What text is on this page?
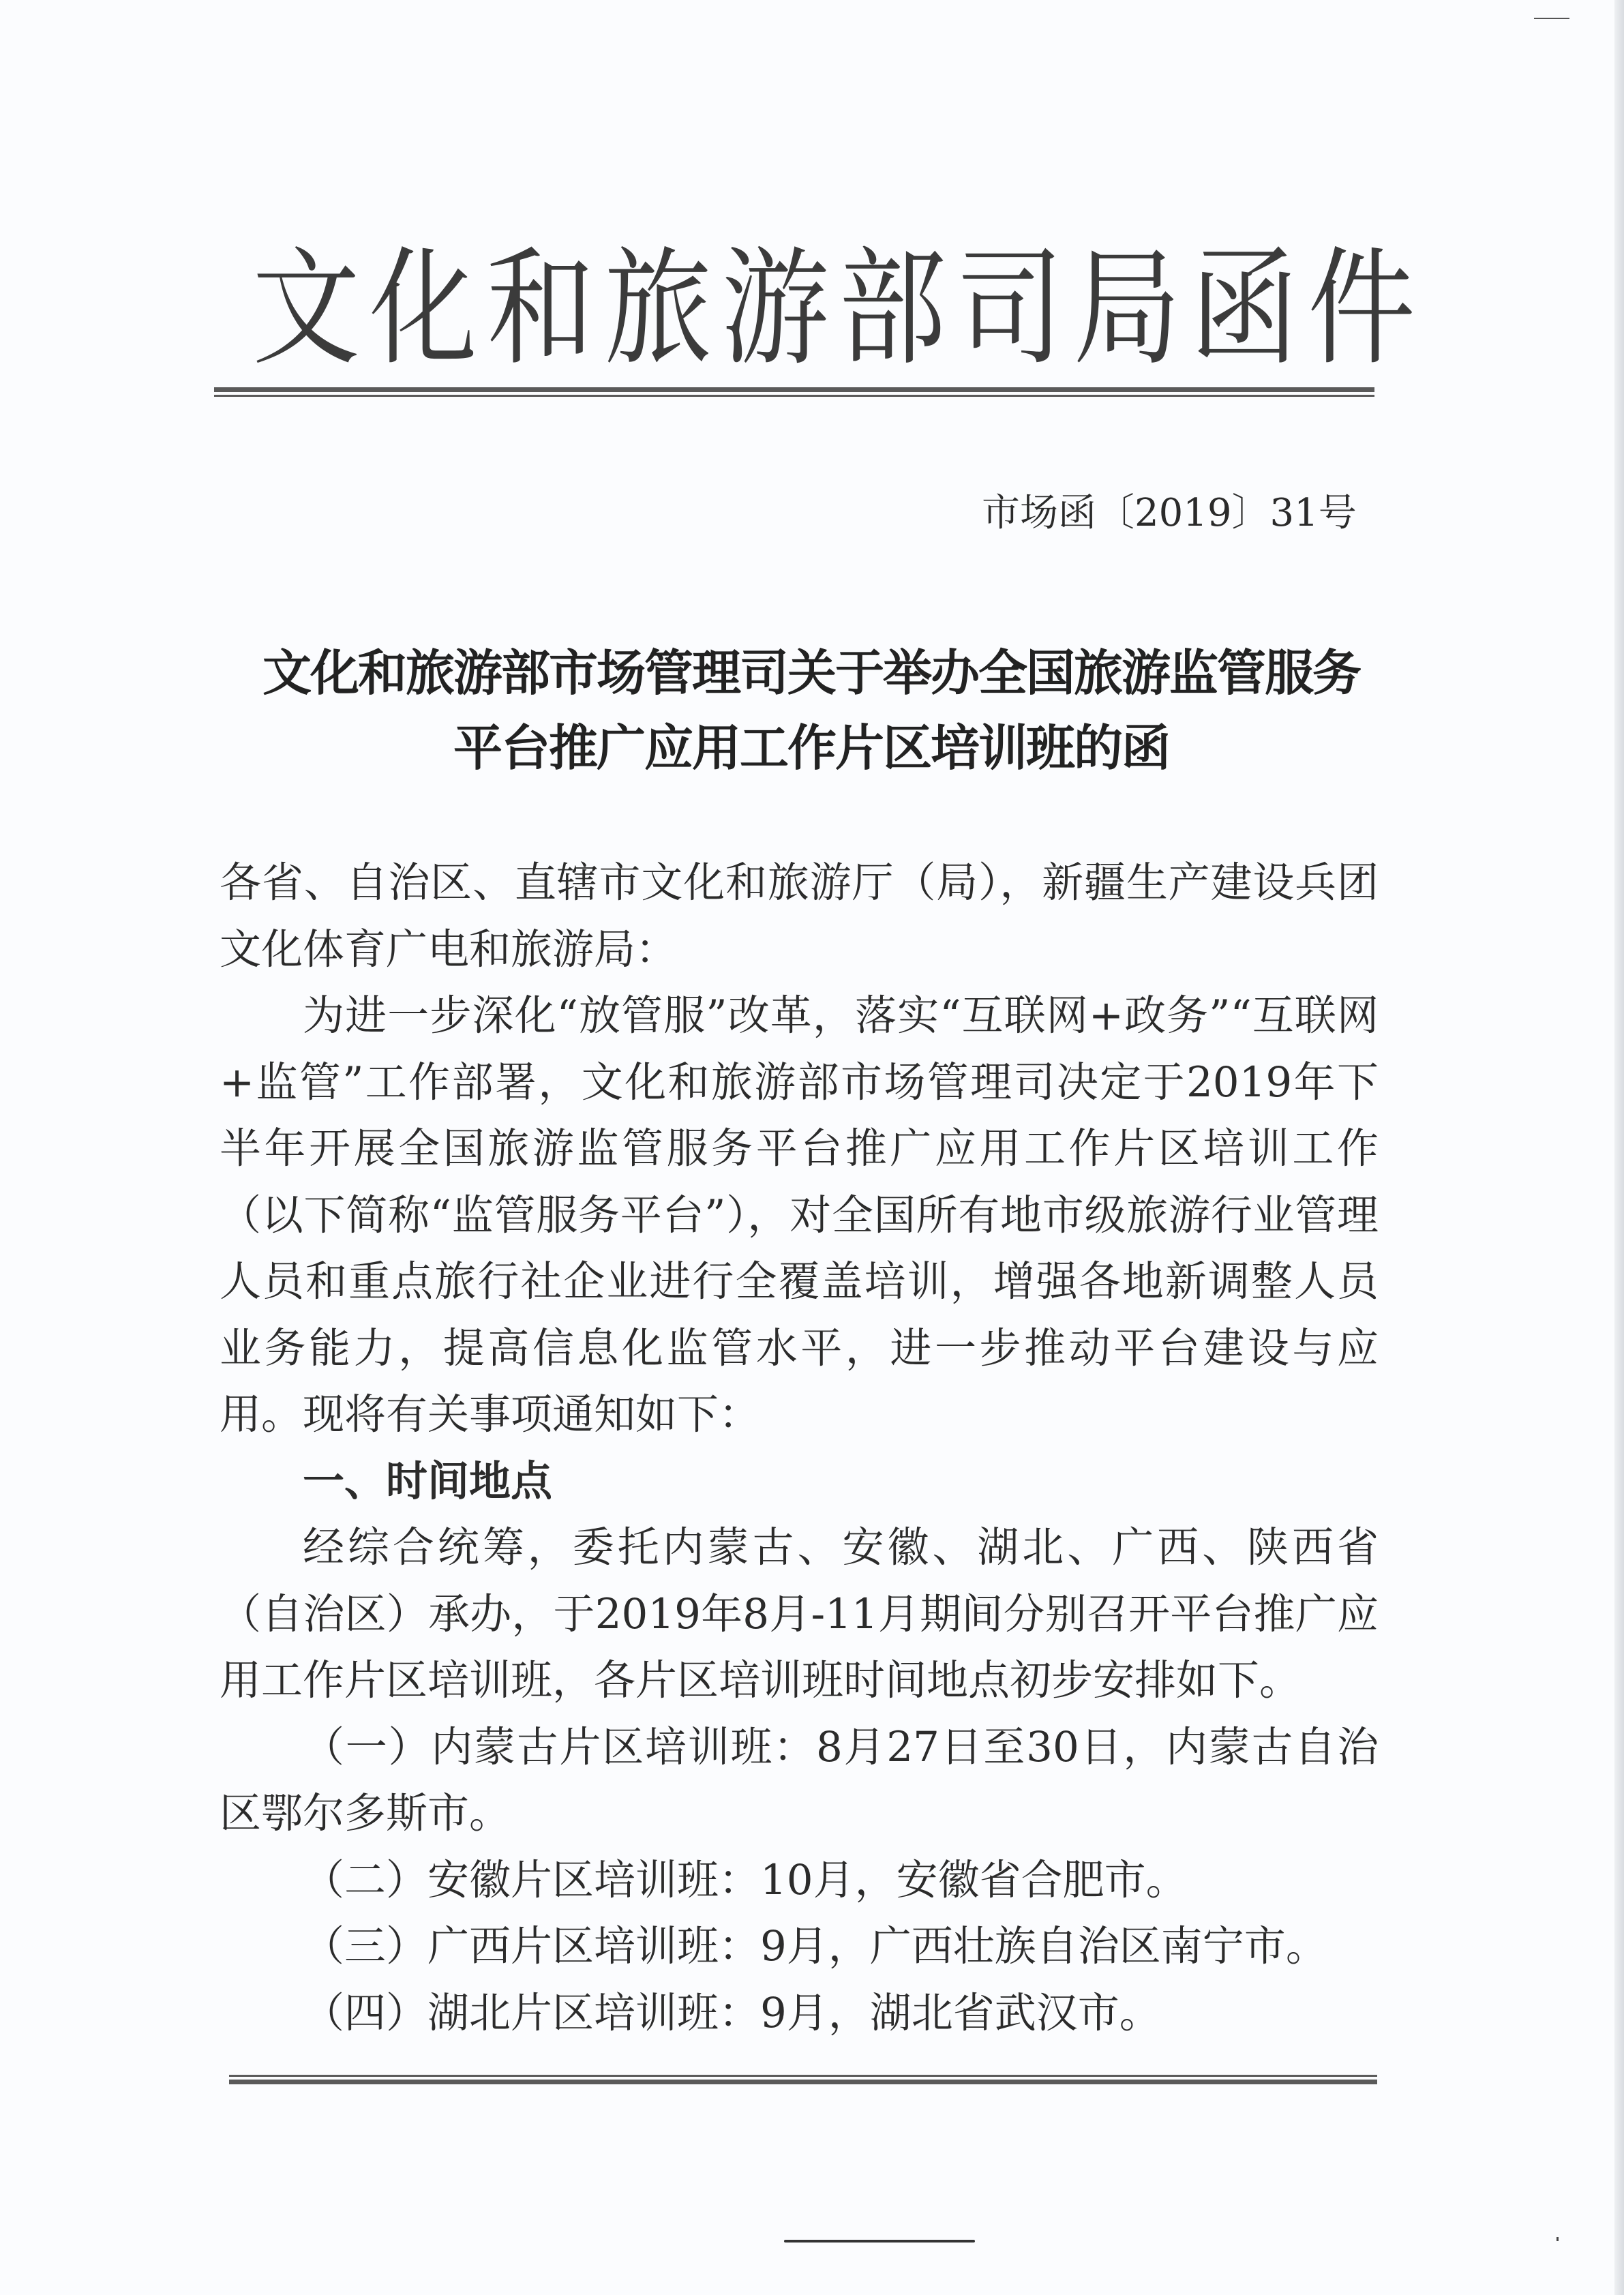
文化和旅游部司局函件
市场函〔2019〕31号
文化和旅游部市场管理司关于举办全国旅游监管服务
平台推广应用工作片区培训班的函

各省、自治区、直辖市文化和旅游厅（局），新疆生产建设兵团文化体育广电和旅游局：

为进一步深化“放管服”改革，落实“互联网+政务”“互联网+监管”工作部署，文化和旅游部市场管理司决定于2019年下半年开展全国旅游监管服务平台推广应用工作片区培训工作（以下简称“监管服务平台”），对全国所有地市级旅游行业管理人员和重点旅行社企业进行全覆盖培训，增强各地新调整人员业务能力，提高信息化监管水平，进一步推动平台建设与应用。现将有关事项通知如下：

一、时间地点

经综合统筹，委托内蒙古、安徽、湖北、广西、陕西省（自治区）承办，于2019年8月-11月期间分别召开平台推广应用工作片区培训班，各片区培训班时间地点初步安排如下。

（一）内蒙古片区培训班：8月27日至30日，内蒙古自治区鄂尔多斯市。

（二）安徽片区培训班：10月，安徽省合肥市。

（三）广西片区培训班：9月，广西壮族自治区南宁市。

（四）湖北片区培训班：9月，湖北省武汉市。
